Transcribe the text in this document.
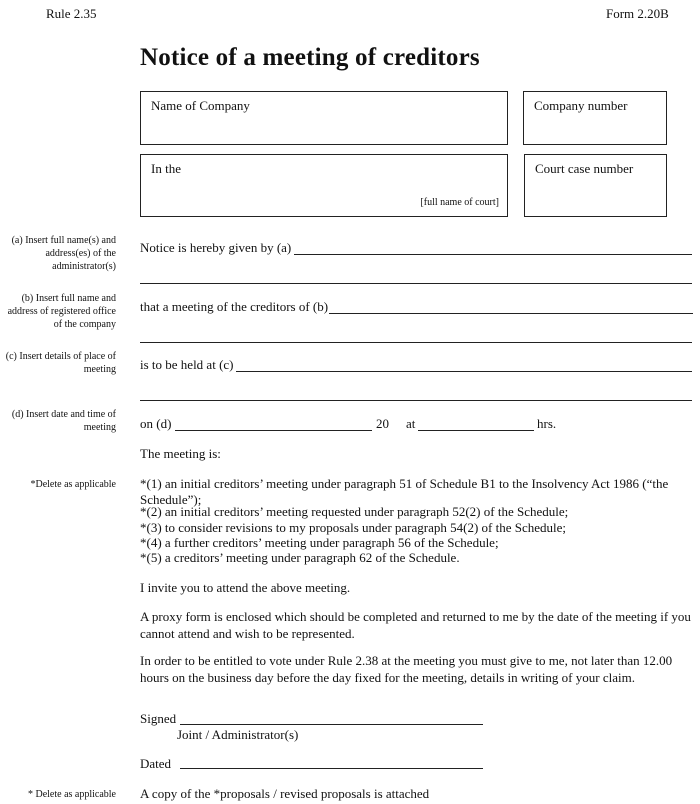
Rule 2.35	Form 2.20B
Notice of a meeting of creditors
Name of Company	Company number
In the
[full name of court]
Court case number
(a) Insert full name(s) and address(es) of the administrator(s)
(b) Insert full name and address of registered office of the company
(c) Insert details of place of meeting
(d) Insert date and time of meeting
*Delete as applicable
* Delete as applicable
Notice is hereby given by (a)
that a meeting of the creditors of (b)
is to be held at (c)
on (d)	20 at	hrs.
The meeting is:
*(1) an initial creditors’ meeting under paragraph 51 of Schedule B1 to the Insolvency Act 1986 (“the Schedule”);
*(2) an initial creditors’ meeting requested under paragraph 52(2) of the Schedule;
*(3) to consider revisions to my proposals under paragraph 54(2) of the Schedule;
*(4) a further creditors’ meeting under paragraph 56 of the Schedule;
*(5) a creditors’ meeting under paragraph 62 of the Schedule.
I invite you to attend the above meeting.
A proxy form is enclosed which should be completed and returned to me by the date of the meeting if you cannot attend and wish to be represented.
In order to be entitled to vote under Rule 2.38 at the meeting you must give to me, not later than 12.00 hours on the business day before the day fixed for the meeting, details in writing of your claim.
Signed
Joint / Administrator(s)
Dated
A copy of the *proposals / revised proposals is attached
